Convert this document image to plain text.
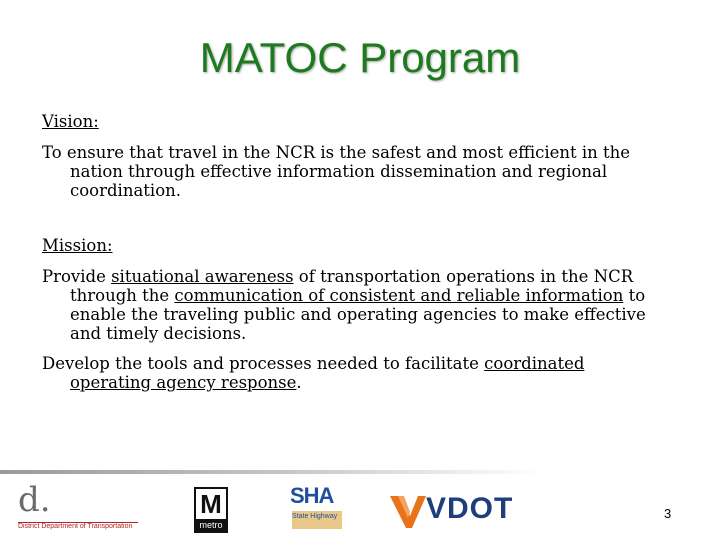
MATOC Program

Vision:

To ensure that travel in the NCR is the safest and most efficient in the nation through effective information dissemination and regional coordination.

Mission:

Provide situational awareness of transportation operations in the NCR through the communication of consistent and reliable information to enable the traveling public and operating agencies to make effective and timely decisions.

Develop the tools and processes needed to facilitate coordinated operating agency response.

d.
District Department of Transportation
M
metro
SHA
State Highway	VDOT	3
